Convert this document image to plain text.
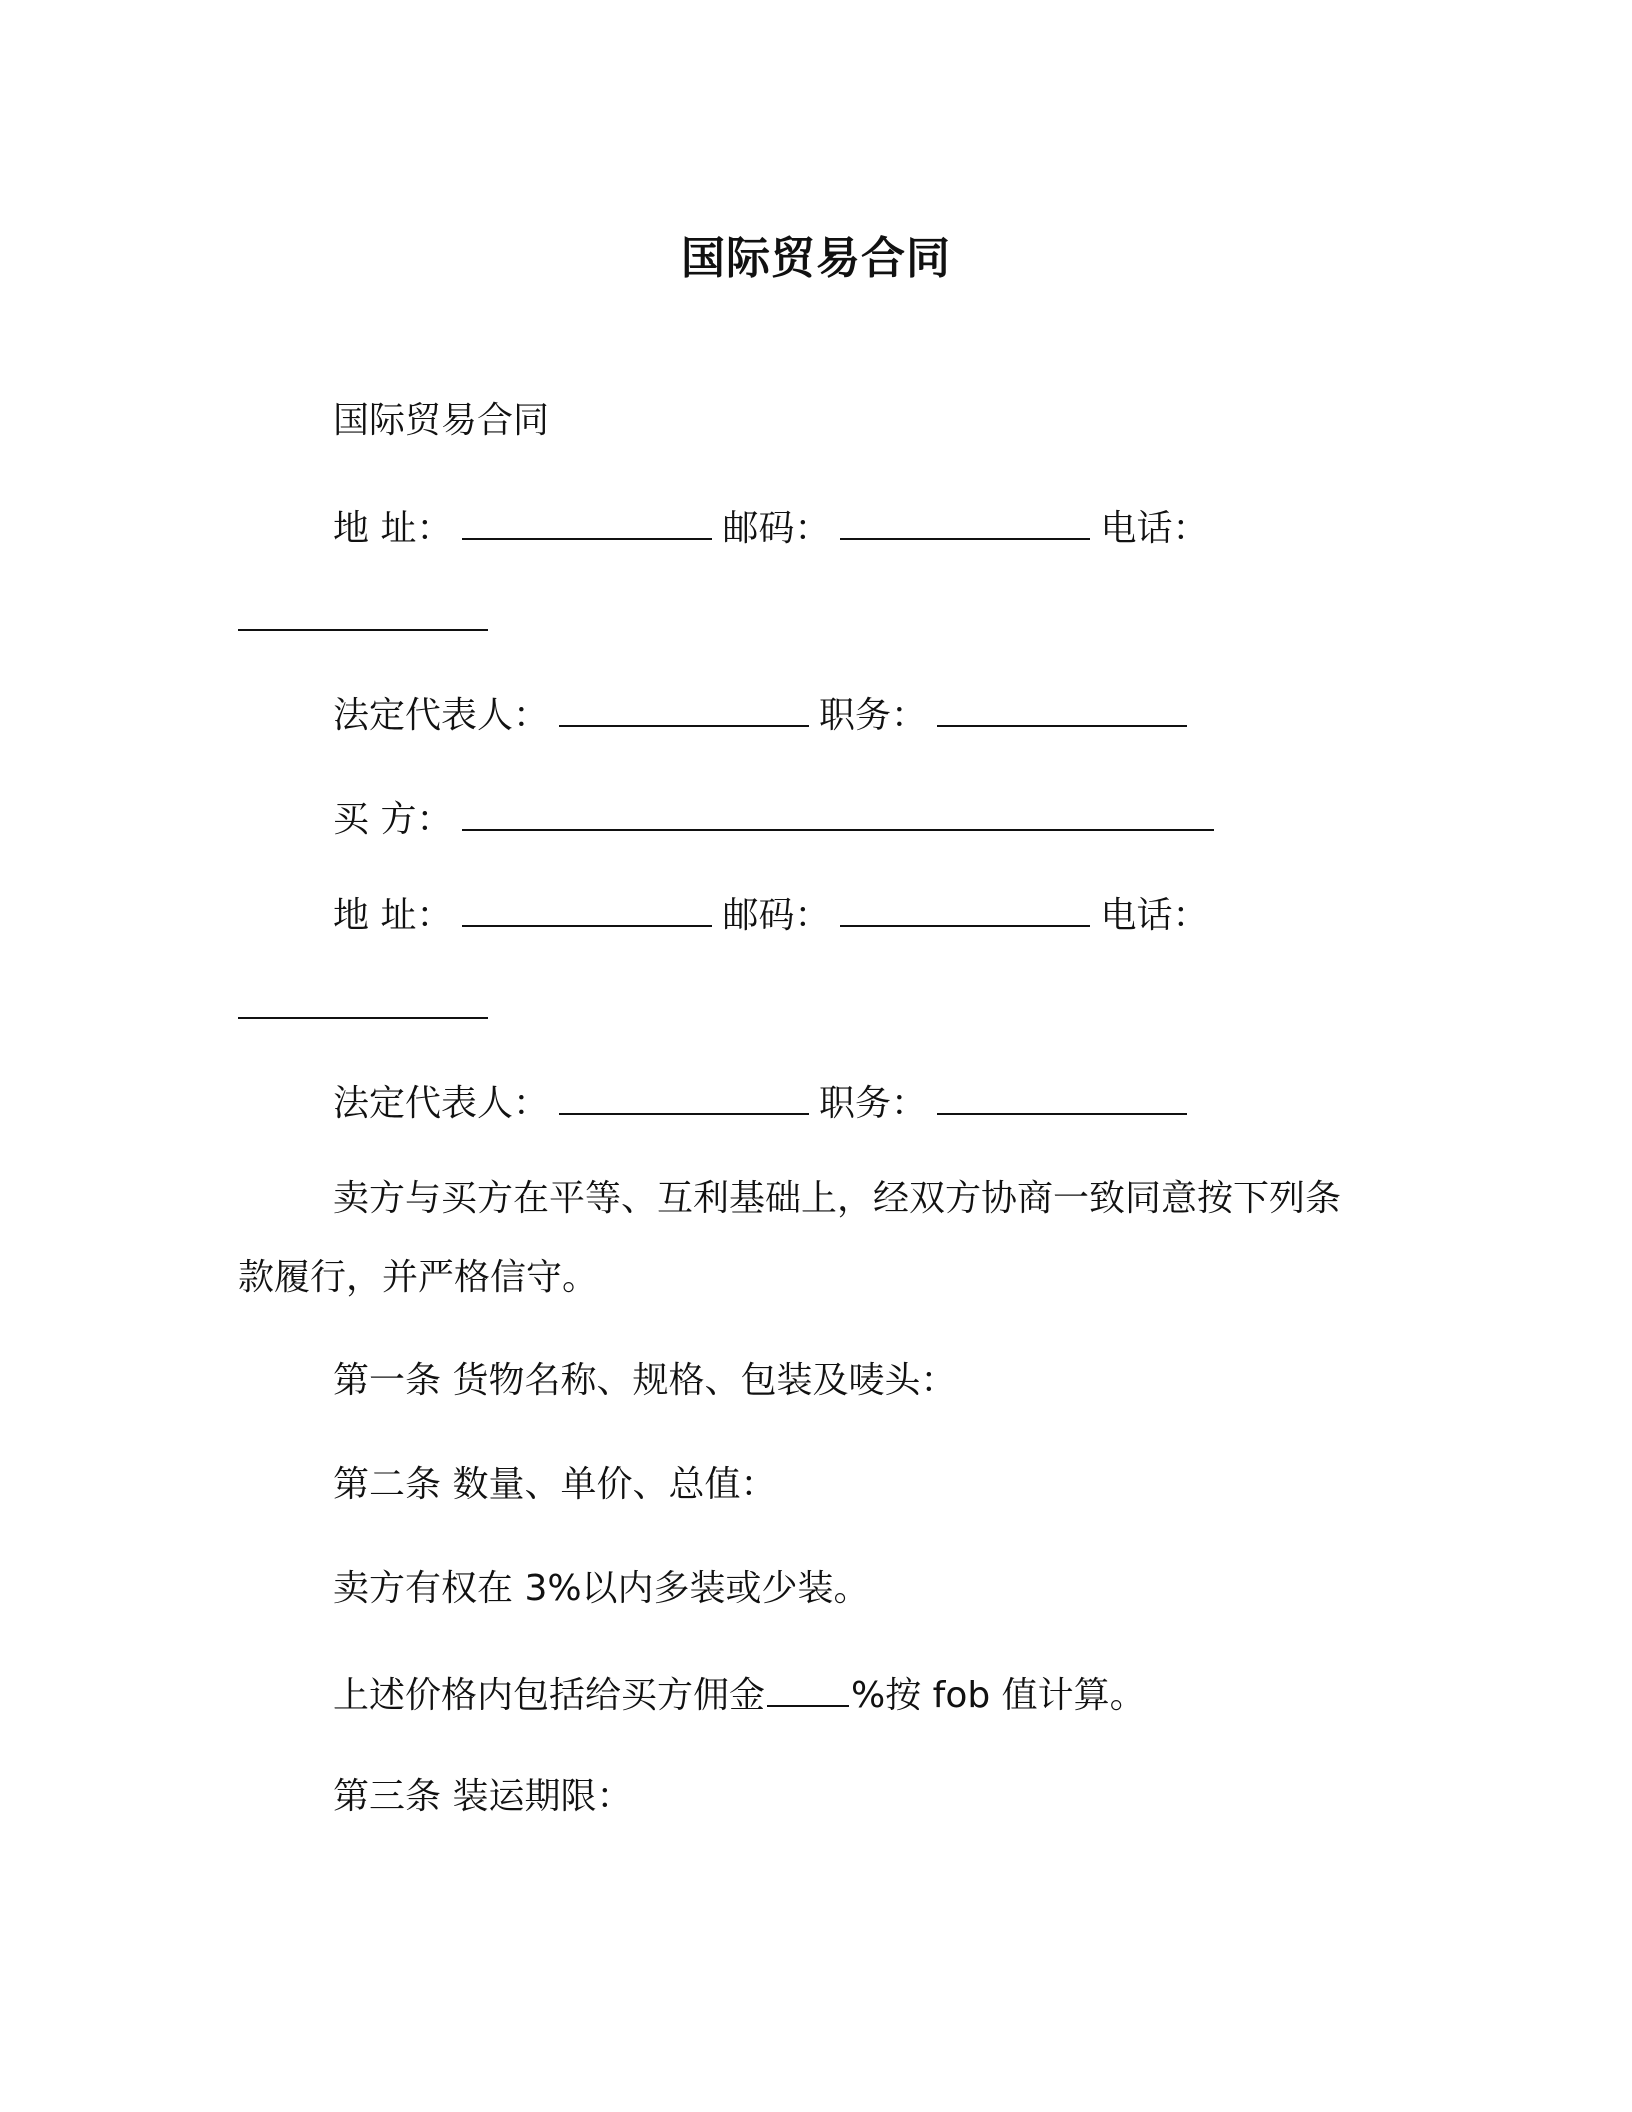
国际贸易合同
国际贸易合同
地 址：	邮码：	电话：
法定代表人：	职务：
买 方：
地 址：	邮码：	电话：
法定代表人：	职务：
卖方与买方在平等、互利基础上，经双方协商一致同意按下列条
款履行，并严格信守。
第一条 货物名称、规格、包装及唛头：
第二条 数量、单价、总值：
卖方有权在 3%以内多装或少装。
上述价格内包括给买方佣金 %按 fob 值计算。
第三条 装运期限：
